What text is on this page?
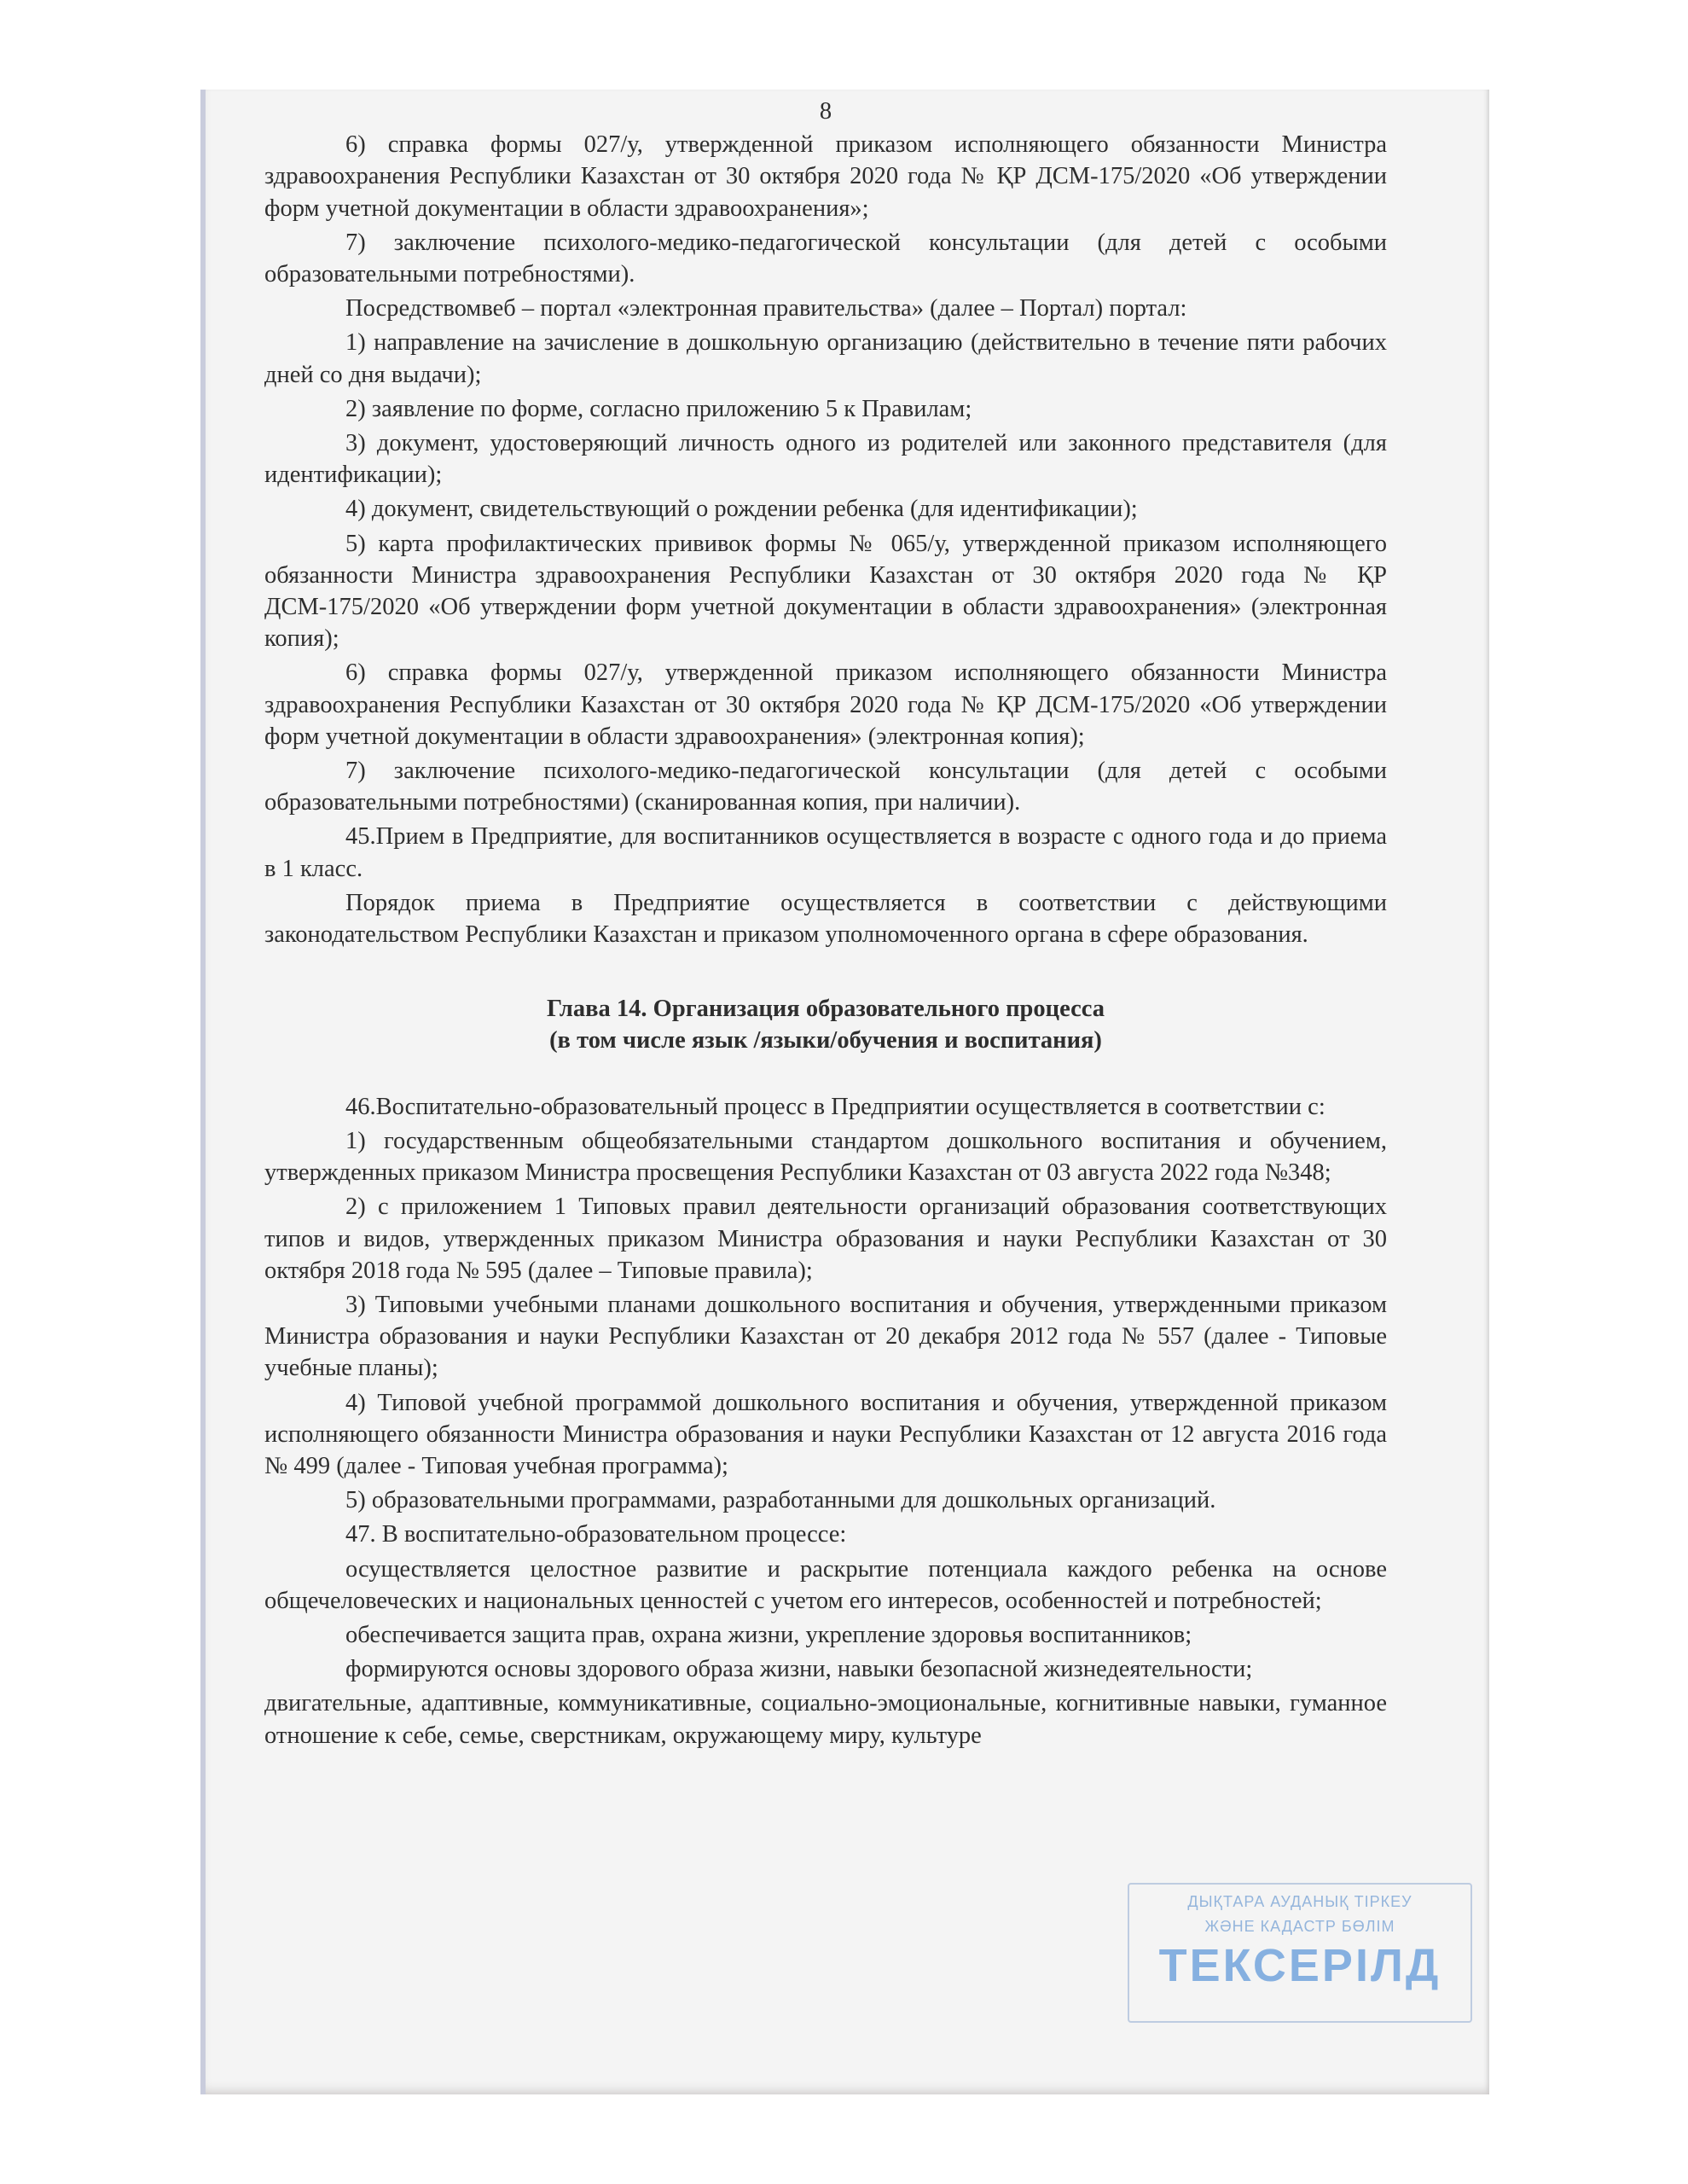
8

6) справка формы 027/у, утвержденной приказом исполняющего обязанности Министра здравоохранения Республики Казахстан от 30 октября 2020 года № ҚР ДСМ-175/2020 «Об утверждении форм учетной документации в области здравоохранения»;

7) заключение психолого-медико-педагогической консультации (для детей с особыми образовательными потребностями).

Посредствомвеб – портал «электронная правительства» (далее – Портал) портал:

1) направление на зачисление в дошкольную организацию (действительно в течение пяти рабочих дней со дня выдачи);

2) заявление по форме, согласно приложению 5 к Правилам;

3) документ, удостоверяющий личность одного из родителей или законного представителя (для идентификации);

4) документ, свидетельствующий о рождении ребенка (для идентификации);

5) карта профилактических прививок формы № 065/у, утвержденной приказом исполняющего обязанности Министра здравоохранения Республики Казахстан от 30 октября 2020 года № ҚР ДСМ-175/2020 «Об утверждении форм учетной документации в области здравоохранения» (электронная копия);

6) справка формы 027/у, утвержденной приказом исполняющего обязанности Министра здравоохранения Республики Казахстан от 30 октября 2020 года № ҚР ДСМ-175/2020 «Об утверждении форм учетной документации в области здравоохранения» (электронная копия);

7) заключение психолого-медико-педагогической консультации (для детей с особыми образовательными потребностями) (сканированная копия, при наличии).

45.Прием в Предприятие, для воспитанников осуществляется в возрасте с одного года и до приема в 1 класс.

Порядок приема в Предприятие осуществляется в соответствии с действующими законодательством Республики Казахстан и приказом уполномоченного органа в сфере образования.

Глава 14. Организация образовательного процесса

(в том числе язык /языки/обучения и воспитания)

46.Воспитательно-образовательный процесс в Предприятии осуществляется в соответствии с:

1) государственным общеобязательными стандартом дошкольного воспитания и обучением, утвержденных приказом Министра просвещения Республики Казахстан от 03 августа 2022 года №348;

2) с приложением 1 Типовых правил деятельности организаций образования соответствующих типов и видов, утвержденных приказом Министра образования и науки Республики Казахстан от 30 октября 2018 года № 595 (далее – Типовые правила);

3) Типовыми учебными планами дошкольного воспитания и обучения, утвержденными приказом Министра образования и науки Республики Казахстан от 20 декабря 2012 года № 557 (далее - Типовые учебные планы);

4) Типовой учебной программой дошкольного воспитания и обучения, утвержденной приказом исполняющего обязанности Министра образования и науки Республики Казахстан от 12 августа 2016 года № 499 (далее - Типовая учебная программа);

5) образовательными программами, разработанными для дошкольных организаций.

47. В воспитательно-образовательном процессе:

осуществляется целостное развитие и раскрытие потенциала каждого ребенка на основе общечеловеческих и национальных ценностей с учетом его интересов, особенностей и потребностей;

обеспечивается защита прав, охрана жизни, укрепление здоровья воспитанников;

формируются основы здорового образа жизни, навыки безопасной жизнедеятельности;

двигательные, адаптивные, коммуникативные, социально-эмоциональные, когнитивные навыки, гуманное отношение к себе, семье, сверстникам, окружающему миру, культуре

ДЫҚТАРА АУДАНЫҚ ТІРКЕУ
ЖӘНЕ КАДАСТР БӨЛІМ
ТЕКСЕРІЛД
